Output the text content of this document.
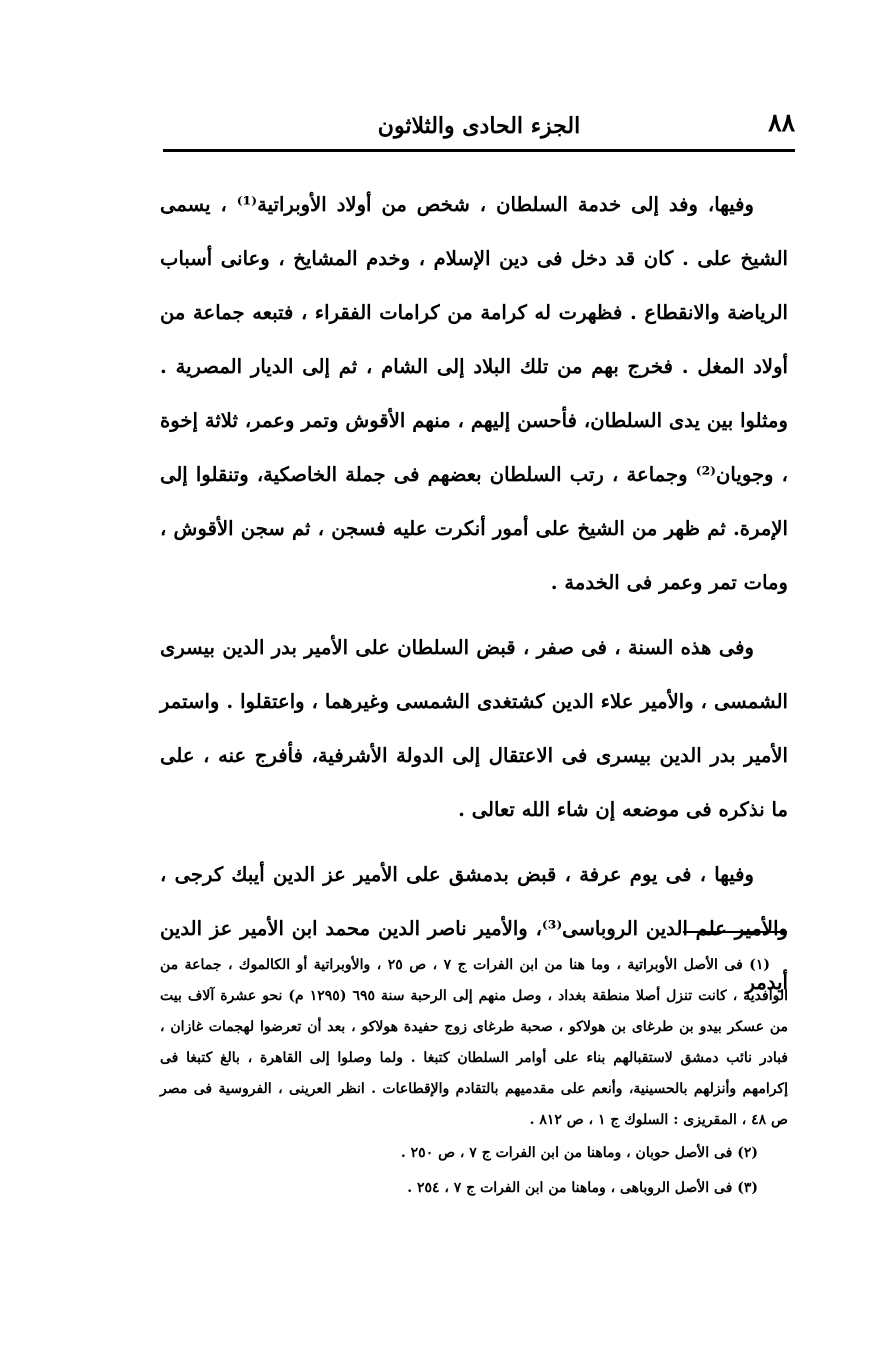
٨٨
الجزء الحادى والثلاثون

وفيها، وفد إلى خدمة السلطان ، شخص من أولاد الأوبراتية⁽¹⁾ ، يسمى الشيخ على . كان قد دخل فى دين الإسلام ، وخدم المشايخ ، وعانى أسباب الرياضة والانقطاع . فظهرت له كرامة من كرامات الفقراء ، فتبعه جماعة من أولاد المغل . فخرج بهم من تلك البلاد إلى الشام ، ثم إلى الديار المصرية . ومثلوا بين يدى السلطان، فأحسن إليهم ، منهم الأقوش وتمر وعمر، ثلاثة إخوة ، وجويان⁽²⁾ وجماعة ، رتب السلطان بعضهم فى جملة الخاصكية، وتنقلوا إلى الإمرة. ثم ظهر من الشيخ على أمور أنكرت عليه فسجن ، ثم سجن الأقوش ، ومات تمر وعمر فى الخدمة .

وفى هذه السنة ، فى صفر ، قبض السلطان على الأمير بدر الدين بيسرى الشمسى ، والأمير علاء الدين كشتغدى الشمسى وغيرهما ، واعتقلوا . واستمر الأمير بدر الدين بيسرى فى الاعتقال إلى الدولة الأشرفية، فأفرج عنه ، على ما نذكره فى موضعه إن شاء الله تعالى .

وفيها ، فى يوم عرفة ، قبض بدمشق على الأمير عز الدين أيبك كرجى ، والأمير علم الدين الروباسى⁽³⁾، والأمير ناصر الدين محمد ابن الأمير عز الدين أيدمر

(١) فى الأصل الأوبراتية ، وما هنا من ابن الفرات ج ٧ ، ص ٢٥ ، والأوبراتية أو الكالموك ، جماعة من الوافدية ، كانت تنزل أصلا منطقة بغداد ، وصل منهم إلى الرحبة سنة ٦٩٥ (١٢٩٥ م) نحو عشرة آلاف بيت من عسكر بيدو بن طرغاى بن هولاكو ، صحبة طرغاى زوج حفيدة هولاكو ، بعد أن تعرضوا لهجمات غازان ، فبادر نائب دمشق لاستقبالهم بناء على أوامر السلطان كتبغا . ولما وصلوا إلى القاهرة ، بالغ كتبغا فى إكرامهم وأنزلهم بالحسينية، وأنعم على مقدميهم بالتقادم والإقطاعات . انظر العرينى ، الفروسية فى مصر ص ٤٨ ، المقريزى : السلوك ج ١ ، ص ٨١٢ .

(٢) فى الأصل حوبان ، وماهنا من ابن الفرات ج ٧ ، ص ٢٥٠ .

(٣) فى الأصل الروباهى ، وماهنا من ابن الفرات ج ٧ ، ٢٥٤ .
